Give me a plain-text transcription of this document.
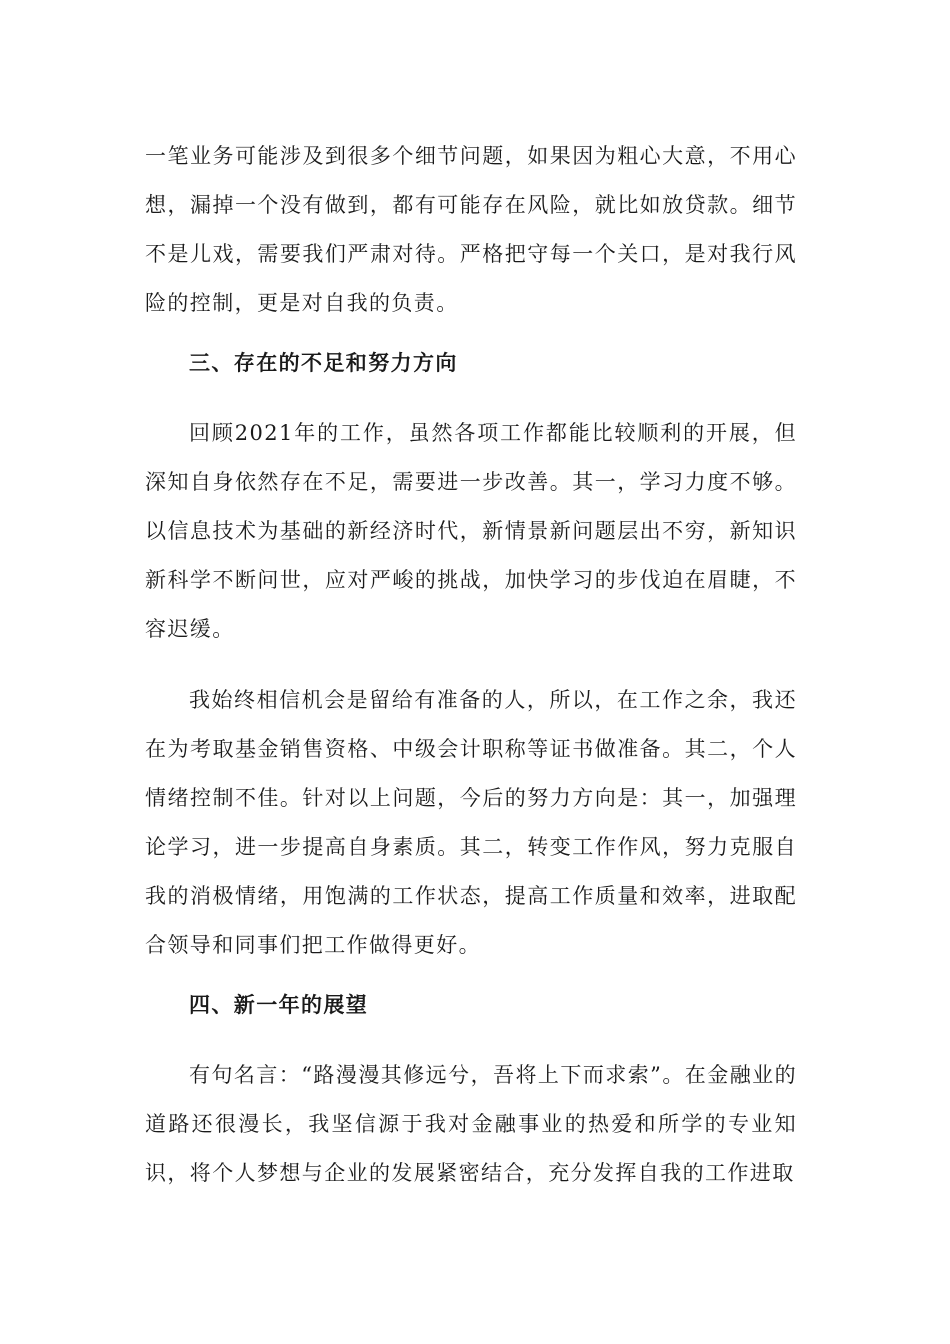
一笔业务可能涉及到很多个细节问题，如果因为粗心大意，不用心想，漏掉一个没有做到，都有可能存在风险，就比如放贷款。细节不是儿戏，需要我们严肃对待。严格把守每一个关口，是对我行风险的控制，更是对自我的负责。

三、存在的不足和努力方向

回顾2021年的工作，虽然各项工作都能比较顺利的开展，但深知自身依然存在不足，需要进一步改善。其一，学习力度不够。以信息技术为基础的新经济时代，新情景新问题层出不穷，新知识新科学不断问世，应对严峻的挑战，加快学习的步伐迫在眉睫，不容迟缓。

我始终相信机会是留给有准备的人，所以，在工作之余，我还在为考取基金销售资格、中级会计职称等证书做准备。其二，个人情绪控制不佳。针对以上问题，今后的努力方向是：其一，加强理论学习，进一步提高自身素质。其二，转变工作作风，努力克服自我的消极情绪，用饱满的工作状态，提高工作质量和效率，进取配合领导和同事们把工作做得更好。

四、新一年的展望

有句名言：“路漫漫其修远兮，吾将上下而求索”。在金融业的道路还很漫长，我坚信源于我对金融事业的热爱和所学的专业知识，将个人梦想与企业的发展紧密结合，充分发挥自我的工作进取
